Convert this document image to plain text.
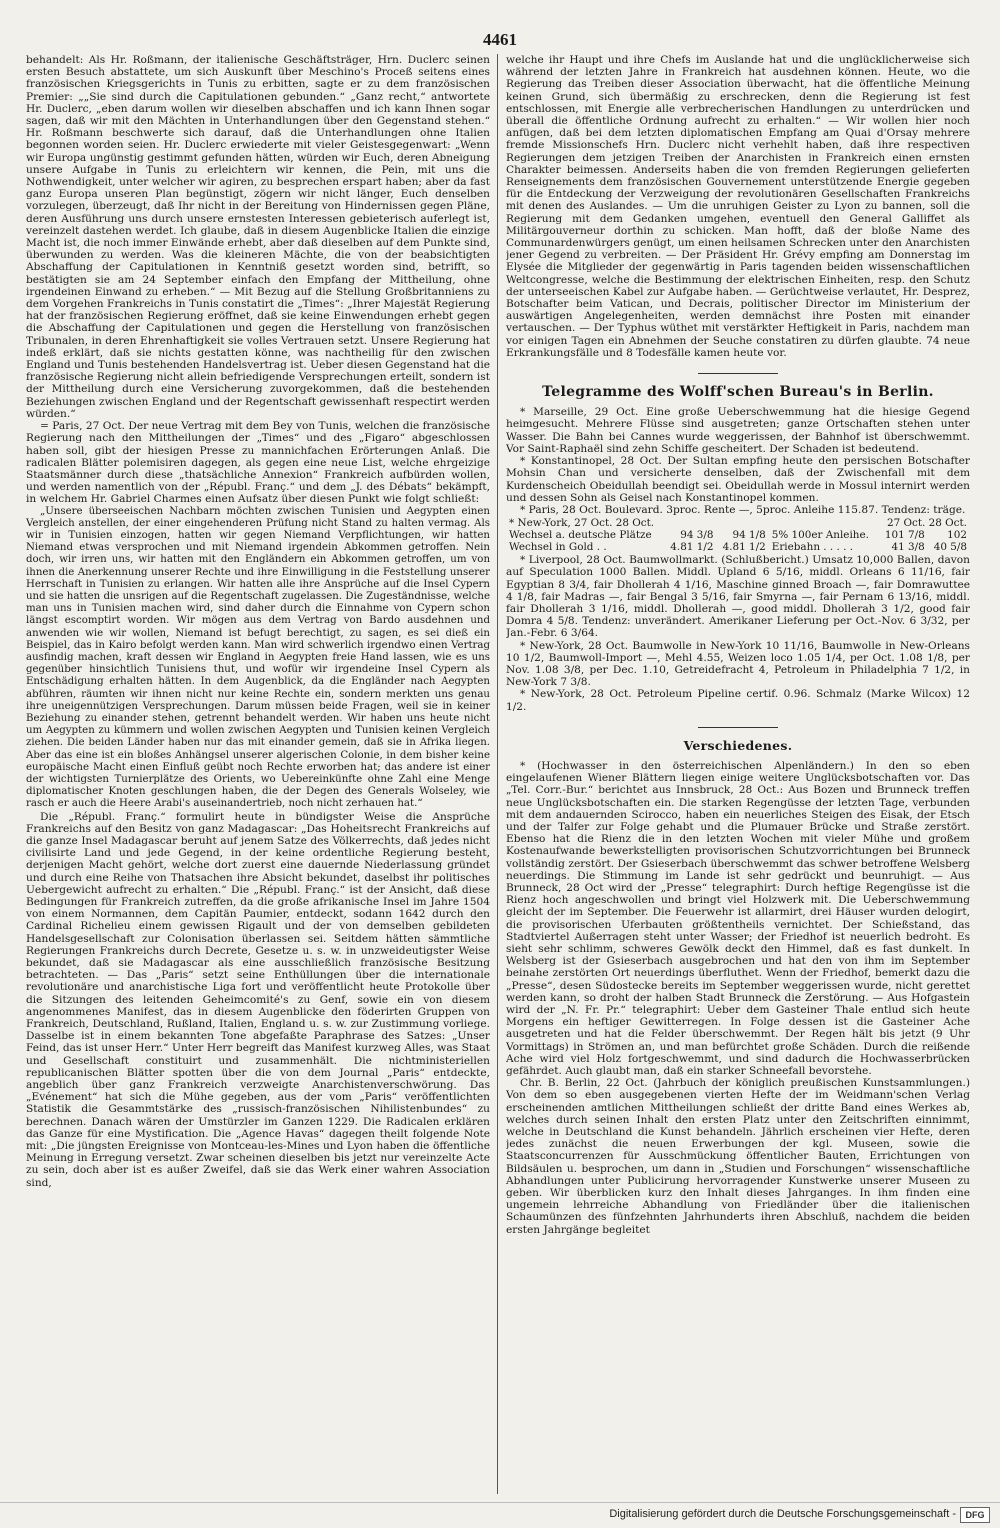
4461

behandelt: Als Hr. Roßmann, der italienische Geschäftsträger, Hrn. Duclerc seinen ersten Besuch abstattete, um sich Auskunft über Meschino's Proceß seitens eines französischen Kriegsgerichts in Tunis zu erbitten, sagte er zu dem französischen Premier: „„Sie sind durch die Capitulationen gebunden.“ „Ganz recht,“ antwortete Hr. Duclerc, „eben darum wollen wir dieselben abschaffen und ich kann Ihnen sogar sagen, daß wir mit den Mächten in Unterhandlungen über den Gegenstand stehen.“ Hr. Roßmann beschwerte sich darauf, daß die Unterhandlungen ohne Italien begonnen worden seien. Hr. Duclerc erwiederte mit vieler Geistesgegenwart: „Wenn wir Europa ungünstig gestimmt gefunden hätten, würden wir Euch, deren Abneigung unsere Aufgabe in Tunis zu erleichtern wir kennen, die Pein, mit uns die Nothwendigkeit, unter welcher wir agiren, zu besprechen erspart haben; aber da fast ganz Europa unseren Plan begünstigt, zögern wir nicht länger, Euch denselben vorzulegen, überzeugt, daß Ihr nicht in der Bereitung von Hindernissen gegen Pläne, deren Ausführung uns durch unsere ernstesten Interessen gebieterisch auferlegt ist, vereinzelt dastehen werdet. Ich glaube, daß in diesem Augenblicke Italien die einzige Macht ist, die noch immer Einwände erhebt, aber daß dieselben auf dem Punkte sind, überwunden zu werden. Was die kleineren Mächte, die von der beabsichtigten Abschaffung der Capitulationen in Kenntniß gesetzt worden sind, betrifft, so bestätigten sie am 24 September einfach den Empfang der Mittheilung, ohne irgendeinen Einwand zu erheben.“ — Mit Bezug auf die Stellung Großbritanniens zu dem Vorgehen Frankreichs in Tunis constatirt die „Times“: „Ihrer Majestät Regierung hat der französischen Regierung eröffnet, daß sie keine Einwendungen erhebt gegen die Abschaffung der Capitulationen und gegen die Herstellung von französischen Tribunalen, in deren Ehrenhaftigkeit sie volles Vertrauen setzt. Unsere Regierung hat indeß erklärt, daß sie nichts gestatten könne, was nachtheilig für den zwischen England und Tunis bestehenden Handelsvertrag ist. Ueber diesen Gegenstand hat die französische Regierung nicht allein befriedigende Versprechungen erteilt, sondern ist der Mittheilung durch eine Versicherung zuvorgekommen, daß die bestehenden Beziehungen zwischen England und der Regentschaft gewissenhaft respectirt werden würden.“

= Paris, 27 Oct. Der neue Vertrag mit dem Bey von Tunis, welchen die französische Regierung nach den Mittheilungen der „Times“ und des „Figaro“ abgeschlossen haben soll, gibt der hiesigen Presse zu mannichfachen Erörterungen Anlaß. Die radicalen Blätter polemisiren dagegen, als gegen eine neue List, welche ehrgeizige Staatsmänner durch diese „thatsächliche Annexion“ Frankreich aufbürden wollen, und werden namentlich von der „Républ. Franç.“ und dem „J. des Débats“ bekämpft, in welchem Hr. Gabriel Charmes einen Aufsatz über diesen Punkt wie folgt schließt:

„Unsere überseeischen Nachbarn möchten zwischen Tunisien und Aegypten einen Vergleich anstellen, der einer eingehenderen Prüfung nicht Stand zu halten vermag. Als wir in Tunisien einzogen, hatten wir gegen Niemand Verpflichtungen, wir hatten Niemand etwas versprochen und mit Niemand irgendein Abkommen getroffen. Nein doch, wir irren uns, wir hatten mit den Engländern ein Abkommen getroffen, um von ihnen die Anerkennung unserer Rechte und ihre Einwilligung in die Feststellung unserer Herrschaft in Tunisien zu erlangen. Wir hatten alle ihre Ansprüche auf die Insel Cypern und sie hatten die unsrigen auf die Regentschaft zugelassen. Die Zugeständnisse, welche man uns in Tunisien machen wird, sind daher durch die Einnahme von Cypern schon längst escomptirt worden. Wir mögen aus dem Vertrag von Bardo ausdehnen und anwenden wie wir wollen, Niemand ist befugt berechtigt, zu sagen, es sei dieß ein Beispiel, das in Kairo befolgt werden kann. Man wird schwerlich irgendwo einen Vertrag ausfindig machen, kraft dessen wir England in Aegypten freie Hand lassen, wie es uns gegenüber hinsichtlich Tunisiens thut, und wofür wir irgendeine Insel Cypern als Entschädigung erhalten hätten. In dem Augenblick, da die Engländer nach Aegypten abführen, räumten wir ihnen nicht nur keine Rechte ein, sondern merkten uns genau ihre uneigennützigen Versprechungen. Darum müssen beide Fragen, weil sie in keiner Beziehung zu einander stehen, getrennt behandelt werden. Wir haben uns heute nicht um Aegypten zu kümmern und wollen zwischen Aegypten und Tunisien keinen Vergleich ziehen. Die beiden Länder haben nur das mit einander gemein, daß sie in Afrika liegen. Aber das eine ist ein bloßes Anhängsel unserer algerischen Colonie, in dem bisher keine europäische Macht einen Einfluß geübt noch Rechte erworben hat; das andere ist einer der wichtigsten Turnierplätze des Orients, wo Uebereinkünfte ohne Zahl eine Menge diplomatischer Knoten geschlungen haben, die der Degen des Generals Wolseley, wie rasch er auch die Heere Arabi's auseinandertrieb, noch nicht zerhauen hat.“

Die „Républ. Franç.“ formulirt heute in bündigster Weise die Ansprüche Frankreichs auf den Besitz von ganz Madagascar: „Das Hoheitsrecht Frankreichs auf die ganze Insel Madagascar beruht auf jenem Satze des Völkerrechts, daß jedes nicht civilisirte Land und jede Gegend, in der keine ordentliche Regierung besteht, derjenigen Macht gehört, welche dort zuerst eine dauernde Niederlassung gründet und durch eine Reihe von Thatsachen ihre Absicht bekundet, daselbst ihr politisches Uebergewicht aufrecht zu erhalten.“ Die „Républ. Franç.“ ist der Ansicht, daß diese Bedingungen für Frankreich zutreffen, da die große afrikanische Insel im Jahre 1504 von einem Normannen, dem Capitän Paumier, entdeckt, sodann 1642 durch den Cardinal Richelieu einem gewissen Rigault und der von demselben gebildeten Handelsgesellschaft zur Colonisation überlassen sei. Seitdem hätten sämmtliche Regierungen Frankreichs durch Decrete, Gesetze u. s. w. in unzweideutigster Weise bekundet, daß sie Madagascar als eine ausschließlich französische Besitzung betrachteten. — Das „Paris“ setzt seine Enthüllungen über die internationale revolutionäre und anarchistische Liga fort und veröffentlicht heute Protokolle über die Sitzungen des leitenden Geheimcomité's zu Genf, sowie ein von diesem angenommenes Manifest, das in diesem Augenblicke den föderirten Gruppen von Frankreich, Deutschland, Rußland, Italien, England u. s. w. zur Zustimmung vorliege. Dasselbe ist in einem bekannten Tone abgefaßte Paraphrase des Satzes: „Unser Feind, das ist unser Herr.“ Unter Herr begreift das Manifest kurzweg Alles, was Staat und Gesellschaft constituirt und zusammenhält. Die nichtministeriellen republicanischen Blätter spotten über die von dem Journal „Paris“ entdeckte, angeblich über ganz Frankreich verzweigte Anarchistenverschwörung. Das „Evénement“ hat sich die Mühe gegeben, aus der vom „Paris“ veröffentlichten Statistik die Gesammtstärke des „russisch-französischen Nihilistenbundes“ zu berechnen. Danach wären der Umstürzler im Ganzen 1229. Die Radicalen erklären das Ganze für eine Mystification. Die „Agence Havas“ dagegen theilt folgende Note mit: „Die jüngsten Ereignisse von Montceau-les-Mines und Lyon haben die öffentliche Meinung in Erregung versetzt. Zwar scheinen dieselben bis jetzt nur vereinzelte Acte zu sein, doch aber ist es außer Zweifel, daß sie das Werk einer wahren Association sind,

welche ihr Haupt und ihre Chefs im Auslande hat und die unglücklicherweise sich während der letzten Jahre in Frankreich hat ausdehnen können. Heute, wo die Regierung das Treiben dieser Association überwacht, hat die öffentliche Meinung keinen Grund, sich übermäßig zu erschrecken, denn die Regierung ist fest entschlossen, mit Energie alle verbrecherischen Handlungen zu unterdrücken und überall die öffentliche Ordnung aufrecht zu erhalten.“ — Wir wollen hier noch anfügen, daß bei dem letzten diplomatischen Empfang am Quai d'Orsay mehrere fremde Missionschefs Hrn. Duclerc nicht verhehlt haben, daß ihre respectiven Regierungen dem jetzigen Treiben der Anarchisten in Frankreich einen ernsten Charakter beimessen. Anderseits haben die von fremden Regierungen gelieferten Renseignements dem französischen Gouvernement unterstützende Energie gegeben für die Entdeckung der Verzweigung der revolutionären Gesellschaften Frankreichs mit denen des Auslandes. — Um die unruhigen Geister zu Lyon zu bannen, soll die Regierung mit dem Gedanken umgehen, eventuell den General Galliffet als Militärgouverneur dorthin zu schicken. Man hofft, daß der bloße Name des Communardenwürgers genügt, um einen heilsamen Schrecken unter den Anarchisten jener Gegend zu verbreiten. — Der Präsident Hr. Grévy empfing am Donnerstag im Elysée die Mitglieder der gegenwärtig in Paris tagenden beiden wissenschaftlichen Weltcongresse, welche die Bestimmung der elektrischen Einheiten, resp. den Schutz der unterseeischen Kabel zur Aufgabe haben. — Gerüchtweise verlautet, Hr. Desprez, Botschafter beim Vatican, und Decrais, politischer Director im Ministerium der auswärtigen Angelegenheiten, werden demnächst ihre Posten mit einander vertauschen. — Der Typhus wüthet mit verstärkter Heftigkeit in Paris, nachdem man vor einigen Tagen ein Abnehmen der Seuche constatiren zu dürfen glaubte. 74 neue Erkrankungsfälle und 8 Todesfälle kamen heute vor.

Telegramme des Wolff'schen Bureau's in Berlin.

* Marseille, 29 Oct. Eine große Ueberschwemmung hat die hiesige Gegend heimgesucht. Mehrere Flüsse sind ausgetreten; ganze Ortschaften stehen unter Wasser. Die Bahn bei Cannes wurde weggerissen, der Bahnhof ist überschwemmt. Vor Saint-Raphaël sind zehn Schiffe gescheitert. Der Schaden ist bedeutend.

* Konstantinopel, 28 Oct. Der Sultan empfing heute den persischen Botschafter Mohsin Chan und versicherte denselben, daß der Zwischenfall mit dem Kurdenscheich Obeidullah beendigt sei. Obeidullah werde in Mossul internirt werden und dessen Sohn als Geisel nach Konstantinopel kommen.

* Paris, 28 Oct. Boulevard. 3proc. Rente —, 5proc. Anleihe 115.87. Tendenz: träge.

* New-York, 27 Oct. 28 Oct.				27 Oct. 28 Oct.	
Wechsel a. deutsche Plätze	94 3/8	94 1/8	5% 100er Anleihe.	101 7/8	102
Wechsel in Gold . .	4.81 1/2	4.81 1/2	Eriebahn . . . . .	41 3/8	40 5/8

* Liverpool, 28 Oct. Baumwollmarkt. (Schlußbericht.) Umsatz 10,000 Ballen, davon auf Speculation 1000 Ballen. Middl. Upland 6 5/16, middl. Orleans 6 11/16, fair Egyptian 8 3/4, fair Dhollerah 4 1/16, Maschine ginned Broach —, fair Domrawuttee 4 1/8, fair Madras —, fair Bengal 3 5/16, fair Smyrna —, fair Pernam 6 13/16, middl. fair Dhollerah 3 1/16, middl. Dhollerah —, good middl. Dhollerah 3 1/2, good fair Domra 4 5/8. Tendenz: unverändert. Amerikaner Lieferung per Oct.-Nov. 6 3/32, per Jan.-Febr. 6 3/64.

* New-York, 28 Oct. Baumwolle in New-York 10 11/16, Baumwolle in New-Orleans 10 1/2, Baumwoll-Import —, Mehl 4.55, Weizen loco 1.05 1/4, per Oct. 1.08 1/8, per Nov. 1.08 3/8, per Dec. 1.10, Getreidefracht 4, Petroleum in Philadelphia 7 1/2, in New-York 7 3/8.

* New-York, 28 Oct. Petroleum Pipeline certif. 0.96. Schmalz (Marke Wilcox) 12 1/2.

Verschiedenes.

* (Hochwasser in den österreichischen Alpenländern.) In den so eben eingelaufenen Wiener Blättern liegen einige weitere Unglücksbotschaften vor. Das „Tel. Corr.-Bur.“ berichtet aus Innsbruck, 28 Oct.: Aus Bozen und Brunneck treffen neue Unglücksbotschaften ein. Die starken Regengüsse der letzten Tage, verbunden mit dem andauernden Scirocco, haben ein neuerliches Steigen des Eisak, der Etsch und der Talfer zur Folge gehabt und die Plumauer Brücke und Straße zerstört. Ebenso hat die Rienz die in den letzten Wochen mit vieler Mühe und großem Kostenaufwande bewerkstelligten provisorischen Schutzvorrichtungen bei Brunneck vollständig zerstört. Der Gsieserbach überschwemmt das schwer betroffene Welsberg neuerdings. Die Stimmung im Lande ist sehr gedrückt und beunruhigt. — Aus Brunneck, 28 Oct wird der „Presse“ telegraphirt: Durch heftige Regengüsse ist die Rienz hoch angeschwollen und bringt viel Holzwerk mit. Die Ueberschwemmung gleicht der im September. Die Feuerwehr ist allarmirt, drei Häuser wurden delogirt, die provisorischen Uferbauten größtentheils vernichtet. Der Schießstand, das Stadtviertel Außerragen steht unter Wasser; der Friedhof ist neuerlich bedroht. Es sieht sehr schlimm, schweres Gewölk deckt den Himmel, daß es fast dunkelt. In Welsberg ist der Gsieserbach ausgebrochen und hat den von ihm im September beinahe zerstörten Ort neuerdings überfluthet. Wenn der Friedhof, bemerkt dazu die „Presse“, desen Südostecke bereits im September weggerissen wurde, nicht gerettet werden kann, so droht der halben Stadt Brunneck die Zerstörung. — Aus Hofgastein wird der „N. Fr. Pr.“ telegraphirt: Ueber dem Gasteiner Thale entlud sich heute Morgens ein heftiger Gewitterregen. In Folge dessen ist die Gasteiner Ache ausgetreten und hat die Felder überschwemmt. Der Regen hält bis jetzt (9 Uhr Vormittags) in Strömen an, und man befürchtet große Schäden. Durch die reißende Ache wird viel Holz fortgeschwemmt, und sind dadurch die Hochwasserbrücken gefährdet. Auch glaubt man, daß ein starker Schneefall bevorstehe.

Chr. B. Berlin, 22 Oct. (Jahrbuch der königlich preußischen Kunstsammlungen.) Von dem so eben ausgegebenen vierten Hefte der im Weidmann'schen Verlag erscheinenden amtlichen Mittheilungen schließt der dritte Band eines Werkes ab, welches durch seinen Inhalt den ersten Platz unter den Zeitschriften einnimmt, welche in Deutschland die Kunst behandeln. Jährlich erscheinen vier Hefte, deren jedes zunächst die neuen Erwerbungen der kgl. Museen, sowie die Staatsconcurrenzen für Ausschmückung öffentlicher Bauten, Errichtungen von Bildsäulen u. besprochen, um dann in „Studien und Forschungen“ wissenschaftliche Abhandlungen unter Publicirung hervorragender Kunstwerke unserer Museen zu geben. Wir überblicken kurz den Inhalt dieses Jahrganges. In ihm finden eine ungemein lehrreiche Abhandlung von Friedländer über die italienischen Schaumünzen des fünfzehnten Jahrhunderts ihren Abschluß, nachdem die beiden ersten Jahrgänge begleitet

Digitalisierung gefördert durch die Deutsche Forschungsgemeinschaft -	DFG
